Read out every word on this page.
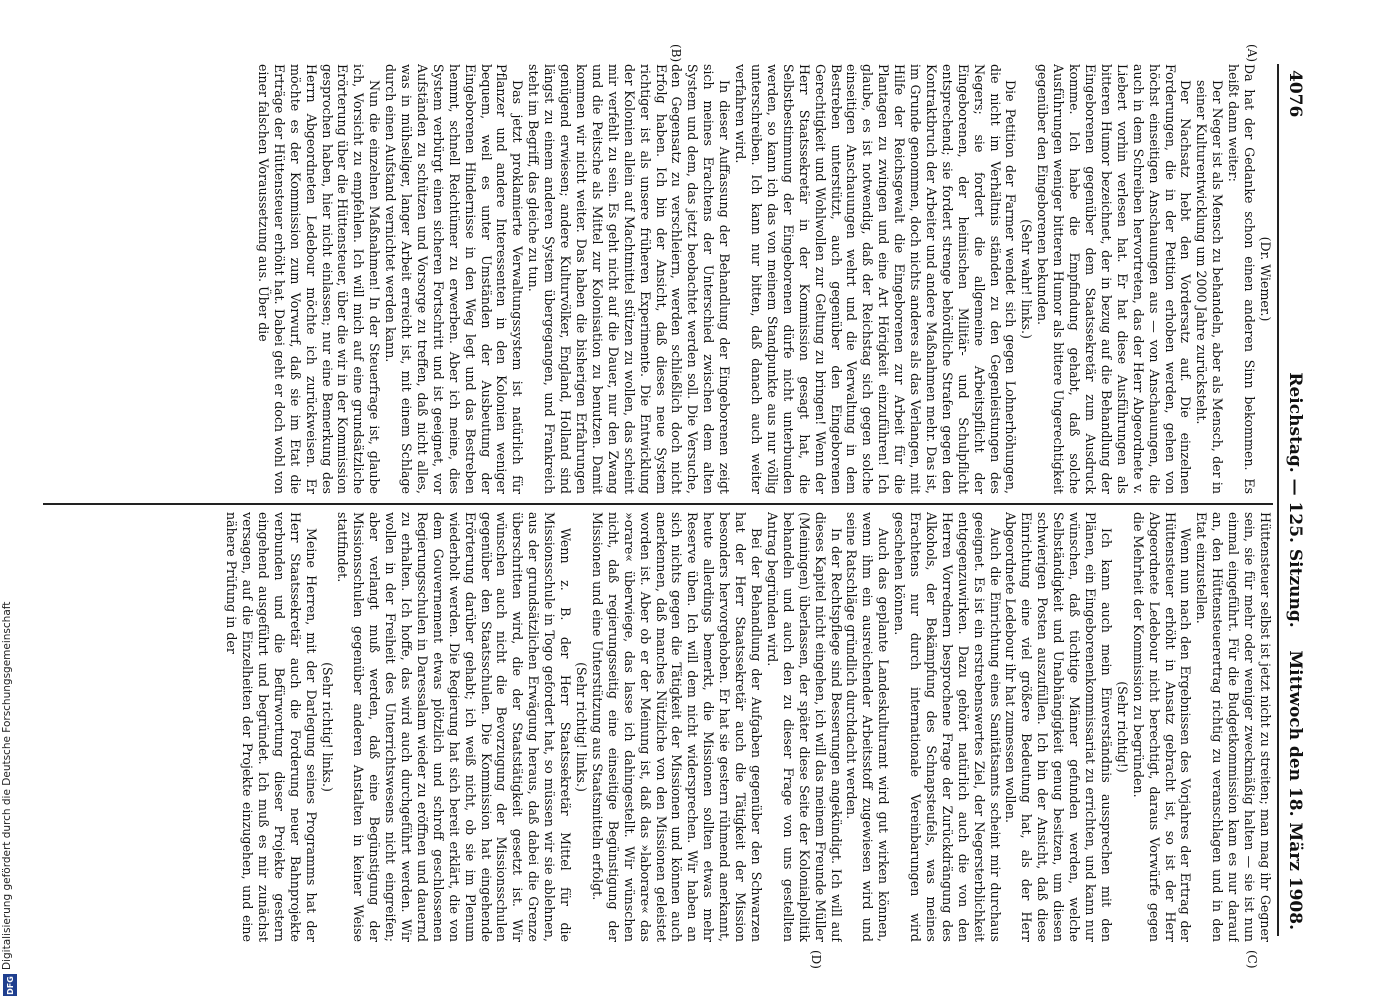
4076
Reichstag. — 125. Sitzung.
Mittwoch den 18. März 1908.
(A)
(B)
(C)
(D)

(Dr. Wiemer.)

Da hat der Gedanke schon einen anderen Sinn bekommen. Es heißt dann weiter:

Der Neger ist als Mensch zu behandeln, aber als Mensch, der in seiner Kulturentwicklung um 2000 Jahre zurücksteht.

Der Nachsatz hebt den Vordersatz auf. Die einzelnen Forderungen, die in der Petition erhoben werden, gehen von höchst einseitigen Anschauungen aus — von Anschauungen, die auch in dem Schreiben hervortreten, das der Herr Abgeordnete v. Liebert vorhin verlesen hat. Er hat diese Ausführungen als bitteren Humor bezeichnet, der in bezug auf die Behandlung der Eingeborenen gegenüber dem Staatssekretär zum Ausdruck komme. Ich habe die Empfindung gehabt, daß solche Ausführungen weniger bitteren Humor als bittere Ungerechtigkeit gegenüber den Eingeborenen bekunden.

(Sehr wahr! links.)

Die Petition der Farmer wendet sich gegen Lohnerhöhungen, die nicht im Verhältnis ständen zu den Gegenleistungen des Negers; sie fordert die allgemeine Arbeitspflicht der Eingeborenen, der heimischen Militär- und Schulpflicht entsprechend; sie fordert strenge behördliche Strafen gegen den Kontraktbruch der Arbeiter und andere Maßnahmen mehr. Das ist, im Grunde genommen, doch nichts anderes als das Verlangen, mit Hilfe der Reichsgewalt die Eingeborenen zur Arbeit für die Plantagen zu zwingen und eine Art Hörigkeit einzuführen! Ich glaube, es ist notwendig, daß der Reichstag sich gegen solche einseitigen Anschauungen wehrt und die Verwaltung in dem Bestreben unterstützt, auch gegenüber den Eingeborenen Gerechtigkeit und Wohlwollen zur Geltung zu bringen! Wenn der Herr Staatssekretär in der Kommission gesagt hat, die Selbstbestimmung der Eingeborenen dürfe nicht unterbunden werden, so kann ich das von meinem Standpunkte aus nur völlig unterschreiben. Ich kann nur bitten, daß danach auch weiter verfahren wird.

In dieser Auffassung der Behandlung der Eingeborenen zeigt sich meines Erachtens der Unterschied zwischen dem alten System und dem, das jetzt beobachtet werden soll. Die Versuche, den Gegensatz zu verschleiern, werden schließlich doch nicht Erfolg haben. Ich bin der Ansicht, daß dieses neue System richtiger ist als unsere früheren Experimente. Die Entwicklung der Kolonien allein auf Machtmittel stützen zu wollen, das scheint mir verfehlt zu sein. Es geht nicht auf die Dauer, nur den Zwang und die Peitsche als Mittel zur Kolonisation zu benutzen. Damit kommen wir nicht weiter. Das haben die bisherigen Erfahrungen genügend erwiesen; andere Kulturvölker, England, Holland sind längst zu einem anderen System übergegangen, und Frankreich steht im Begriff, das gleiche zu tun.

Das jetzt proklamierte Verwaltungssystem ist natürlich für Pflanzer und andere Interessenten in den Kolonien weniger bequem, weil es unter Umständen der Ausbeutung der Eingeborenen Hindernisse in den Weg legt und das Bestreben hemmt, schnell Reichtümer zu erwerben. Aber ich meine, dies System verbürgt einen sicheren Fortschritt und ist geeignet, vor Aufständen zu schützen und Vorsorge zu treffen, daß nicht alles, was in mühseliger, langer Arbeit erreicht ist, mit einem Schlage durch einen Aufstand vernichtet werden kann.

Nun die einzelnen Maßnahmen! In der Steuerfrage ist, glaube ich, Vorsicht zu empfehlen. Ich will mich auf eine grundsätzliche Erörterung über die Hüttensteuer, über die wir in der Kommission gesprochen haben, hier nicht einlassen; nur eine Bemerkung des Herrn Abgeordneten Ledebour möchte ich zurückweisen. Er möchte es der Kommission zum Vorwurf, daß sie im Etat die Erträge der Hüttensteuer erhöht hat. Dabei geht er doch wohl von einer falschen Voraussetzung aus. Über die

Hüttensteuer selbst ist jetzt nicht zu streiten; man mag ihr Gegner sein, sie für mehr oder weniger zweckmäßig halten — sie ist nun einmal eingeführt. Für die Budgetkommission kam es nur darauf an, den Hüttensteuerertrag richtig zu veranschlagen und in den Etat einzustellen.

Wenn nun nach den Ergebnissen des Vorjahres der Ertrag der Hüttensteuer erhöht in Ansatz gebracht ist, so ist der Herr Abgeordnete Ledebour nicht berechtigt, daraus Vorwürfe gegen die Mehrheit der Kommission zu begründen.

(Sehr richtig!)

Ich kann auch mein Einverständnis aussprechen mit den Plänen, ein Eingeborenenkommissariat zu errichten, und kann nur wünschen, daß tüchtige Männer gefunden werden, welche Selbständigkeit und Unabhängigkeit genug besitzen, um diesen schwierigen Posten auszufüllen. Ich bin der Ansicht, daß diese Einrichtung eine viel größere Bedeutung hat, als der Herr Abgeordnete Ledebour ihr hat zumessen wollen.

Auch die Einrichtung eines Sanitätsamts scheint mir durchaus geeignet. Es ist ein erstrebenswertes Ziel, der Negersterblichkeit entgegenzuwirken. Dazu gehört natürlich auch die von den Herren Vorrednern besprochene Frage der Zurückdrängung des Alkohols, der Bekämpfung des Schnapsteufels, was meines Erachtens nur durch internationale Vereinbarungen wird geschehen können.

Auch das geplante Landeskulturamt wird gut wirken können, wenn ihm ein ausreichender Arbeitsstoff zugewiesen wird und seine Ratschläge gründlich durchdacht werden.

In der Rechtspflege sind Besserungen angekündigt. Ich will auf dieses Kapitel nicht eingehen, ich will das meinem Freunde Müller (Meiningen) überlassen, der später diese Seite der Kolonialpolitik behandeln und auch den zu dieser Frage von uns gestellten Antrag begründen wird.

Bei der Behandlung der Aufgaben gegenüber den Schwarzen hat der Herr Staatssekretär auch die Tätigkeit der Mission besonders hervorgehoben. Er hat sie gestern rühmend anerkannt, heute allerdings bemerkt, die Missionen sollten etwas mehr Reserve üben. Ich will dem nicht widersprechen. Wir haben an sich nichts gegen die Tätigkeit der Missionen und können auch anerkennen, daß manches Nützliche von den Missionen geleistet worden ist. Aber ob er der Meinung ist, daß das »laborare« das »orare« überwiege, das lasse ich dahingestellt. Wir wünschen nicht, daß regierungsseitig eine einseitige Begünstigung der Missionen und eine Unterstützung aus Staatsmitteln erfolgt.

(Sehr richtig! links.)

Wenn z. B. der Herr Staatssekretär Mittel für die Missionsschule in Togo gefordert hat, so müssen wir sie ablehnen, aus der grundsätzlichen Erwägung heraus, daß dabei die Grenze überschritten wird, die der Staatstätigkeit gesetzt ist. Wir wünschen auch nicht die Bevorzugung der Missionsschulen gegenüber den Staatsschulen. Die Kommission hat eingehende Erörterung darüber gehabt; ich weiß nicht, ob sie im Plenum wiederholt werden. Die Regierung hat sich bereit erklärt, die von dem Gouvernement etwas plötzlich und schroff geschlossenen Regierungsschulen in Daressalam wieder zu eröffnen und dauernd zu erhalten. Ich hoffe, das wird auch durchgeführt werden. Wir wollen in der Freiheit des Unterrichtswesens nicht eingreifen; aber verlangt muß werden, daß eine Begünstigung der Missionsschulen gegenüber anderen Anstalten in keiner Weise stattfindet.

(Sehr richtig! links.)

Meine Herren, mit der Darlegung seines Programms hat der Herr Staatssekretär auch die Forderung neuer Bahnprojekte verbunden und die Befürwortung dieser Projekte gestern eingehend ausgeführt und begründet. Ich muß es mir zunächst versagen, auf die Einzelheiten der Projekte einzugehen, und eine nähere Prüfung in der

Digitalisierung gefördert durch die Deutsche Forschungsgemeinschaft
DFG
